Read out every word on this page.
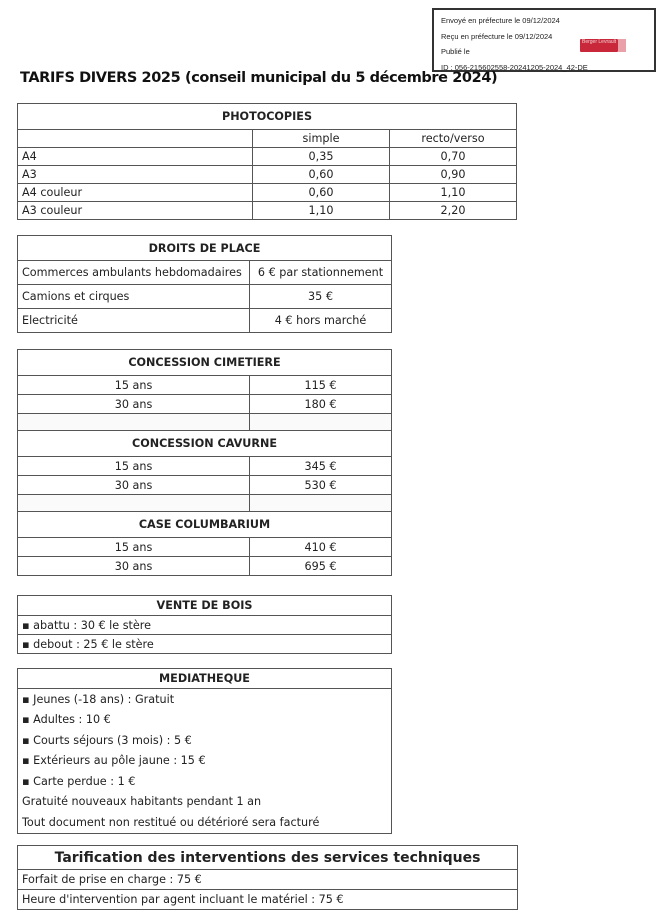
Envoyé en préfecture le 09/12/2024
Reçu en préfecture le 09/12/2024
Publié le
ID : 056-215602558-20241205-2024_42-DE
Berger Levrault
TARIFS DIVERS 2025 (conseil municipal du 5 décembre 2024)
PHOTOCOPIES		
	simple	recto/verso
A4	0,35	0,70
A3	0,60	0,90
A4 couleur	0,60	1,10
A3 couleur	1,10	2,20
DROITS DE PLACE	
Commerces ambulants hebdomadaires	6 € par stationnement
Camions et cirques	35 €
Electricité	4 € hors marché
CONCESSION CIMETIERE	
15 ans	115 €
30 ans	180 €

CONCESSION CAVURNE	
15 ans	345 €
30 ans	530 €

CASE COLUMBARIUM	
15 ans	410 €
30 ans	695 €
VENTE DE BOIS
▪ abattu : 30 € le stère
▪ debout : 25 € le stère
MEDIATHEQUE
▪ Jeunes (-18 ans) : Gratuit
▪ Adultes : 10 €
▪ Courts séjours (3 mois) : 5 €
▪ Extérieurs au pôle jaune : 15 €
▪ Carte perdue : 1 €
Gratuité nouveaux habitants pendant 1 an
Tout document non restitué ou détérioré sera facturé
Tarification des interventions des services techniques
Forfait de prise en charge : 75 €
Heure d'intervention par agent incluant le matériel : 75 €
